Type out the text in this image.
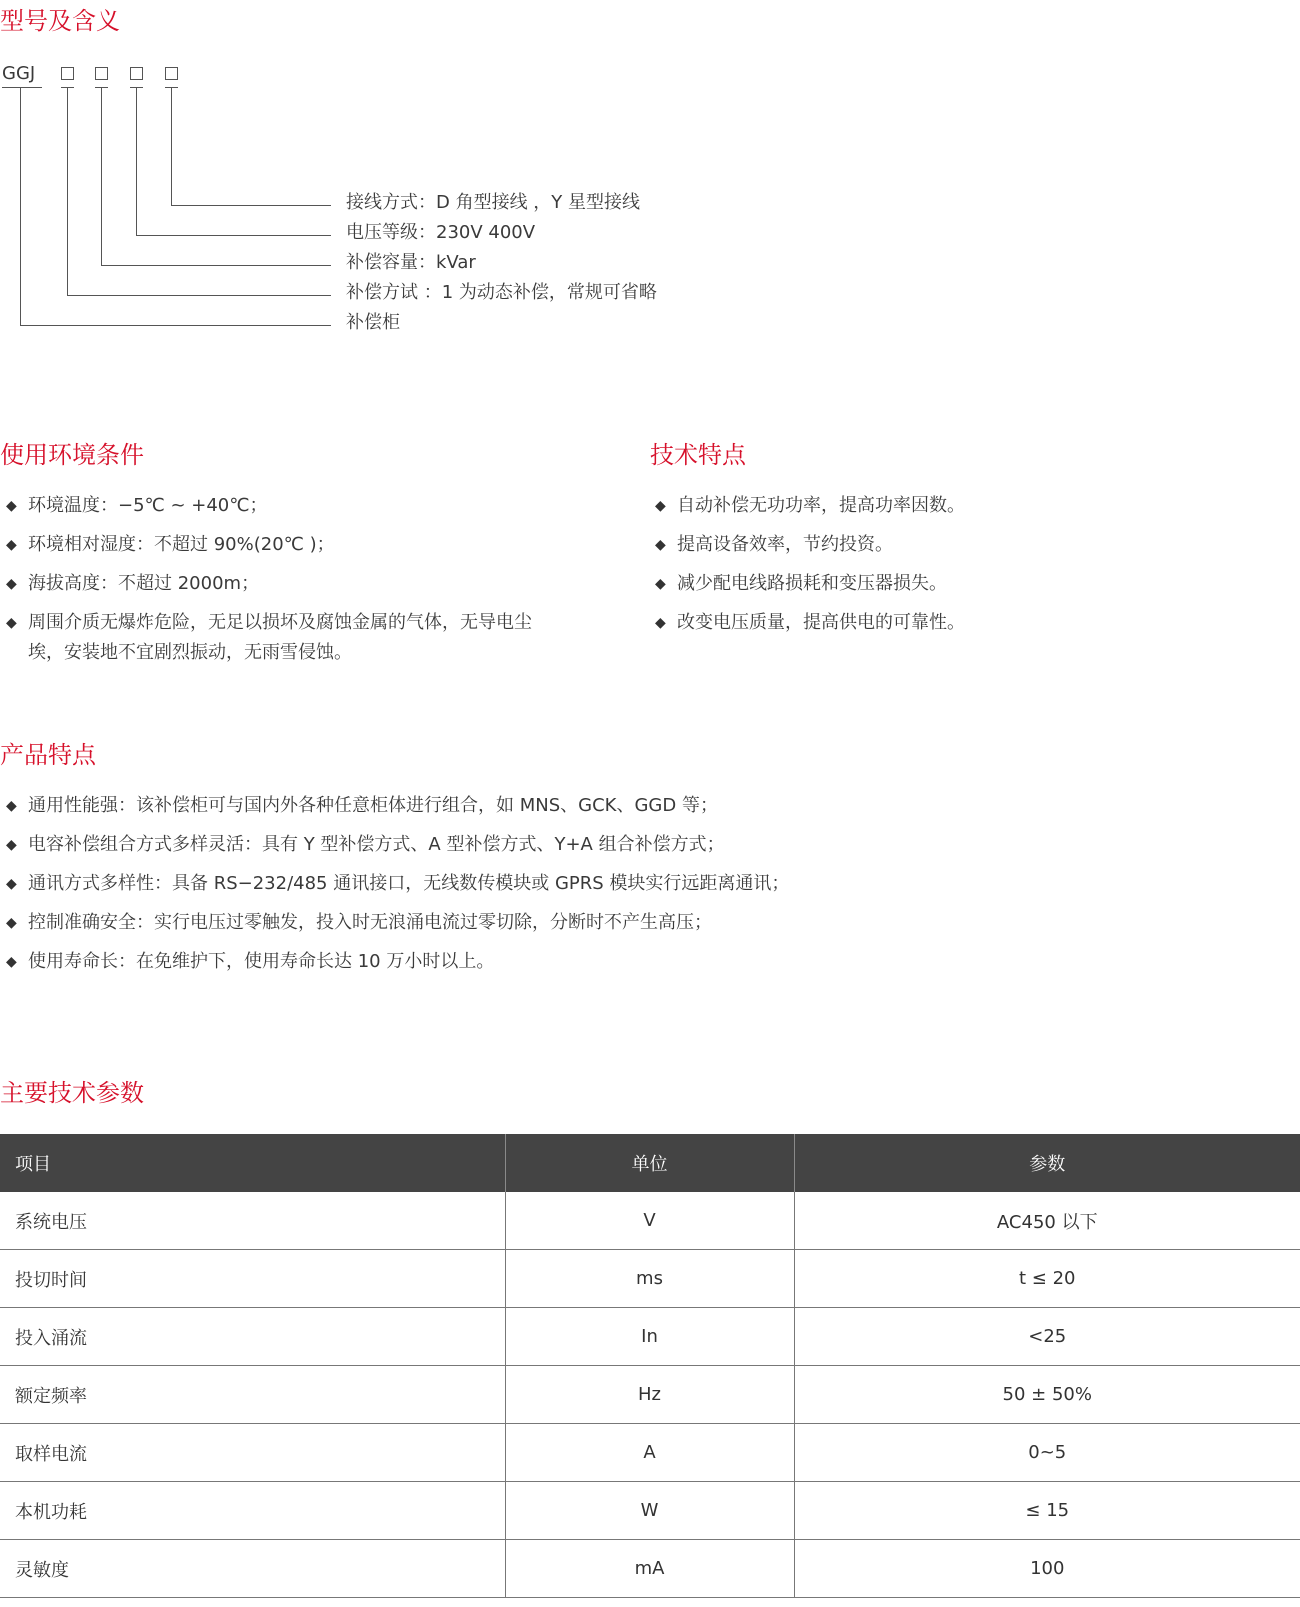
型号及含义
GGJ
接线方式：D 角型接线 ，Y 星型接线
电压等级：230V 400V
补偿容量：kVar
补偿方试 ：1 为动态补偿，常规可省略
补偿柜
使用环境条件
◆ 环境温度：−5℃ ~ +40℃；
◆ 环境相对湿度：不超过 90%(20℃ )；
◆ 海拔高度：不超过 2000m；
◆ 周围介质无爆炸危险，无足以损坏及腐蚀金属的气体，无导电尘埃，安装地不宜剧烈振动，无雨雪侵蚀。
技术特点
◆ 自动补偿无功功率，提高功率因数。
◆ 提高设备效率，节约投资。
◆ 减少配电线路损耗和变压器损失。
◆ 改变电压质量，提高供电的可靠性。
产品特点
◆ 通用性能强：该补偿柜可与国内外各种任意柜体进行组合，如 MNS、GCK、GGD 等；
◆ 电容补偿组合方式多样灵活：具有 Y 型补偿方式、A 型补偿方式、Y+A 组合补偿方式；
◆ 通讯方式多样性：具备 RS−232/485 通讯接口，无线数传模块或 GPRS 模块实行远距离通讯；
◆ 控制准确安全：实行电压过零触发，投入时无浪涌电流过零切除，分断时不产生高压；
◆ 使用寿命长：在免维护下，使用寿命长达 10 万小时以上。
主要技术参数
项目	单位	参数
系统电压	V	AC450 以下
投切时间	ms	t ≤ 20
投入涌流	In	<25
额定频率	Hz	50 ± 50%
取样电流	A	0~5
本机功耗	W	≤ 15
灵敏度	mA	100
